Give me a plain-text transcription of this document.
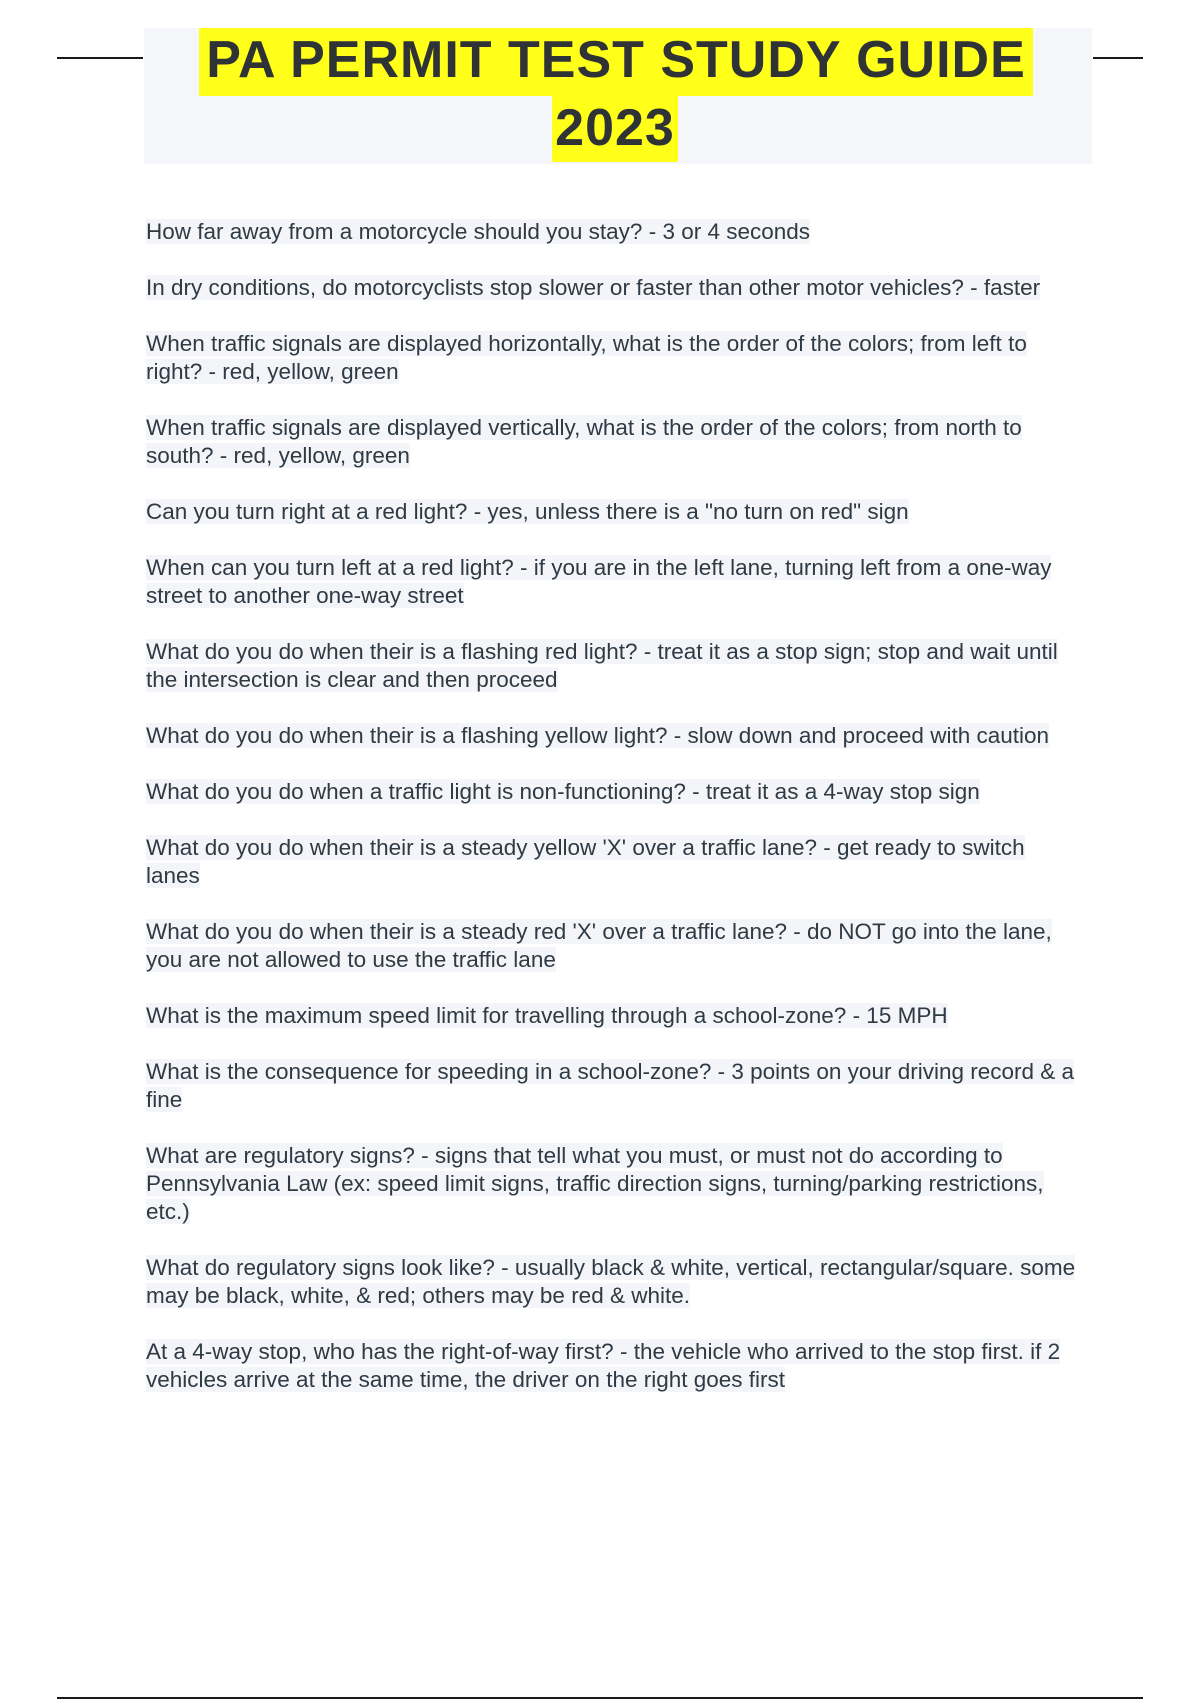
PA PERMIT TEST STUDY GUIDE
2023
How far away from a motorcycle should you stay? - 3 or 4 seconds
In dry conditions, do motorcyclists stop slower or faster than other motor vehicles? - faster
When traffic signals are displayed horizontally, what is the order of the colors; from left to right? - red, yellow, green
When traffic signals are displayed vertically, what is the order of the colors; from north to south? - red, yellow, green
Can you turn right at a red light? - yes, unless there is a "no turn on red" sign
When can you turn left at a red light? - if you are in the left lane, turning left from a one-way street to another one-way street
What do you do when their is a flashing red light? - treat it as a stop sign; stop and wait until the intersection is clear and then proceed
What do you do when their is a flashing yellow light? - slow down and proceed with caution
What do you do when a traffic light is non-functioning? - treat it as a 4-way stop sign
What do you do when their is a steady yellow 'X' over a traffic lane? - get ready to switch lanes
What do you do when their is a steady red 'X' over a traffic lane? - do NOT go into the lane, you are not allowed to use the traffic lane
What is the maximum speed limit for travelling through a school-zone? - 15 MPH
What is the consequence for speeding in a school-zone? - 3 points on your driving record & a fine
What are regulatory signs? - signs that tell what you must, or must not do according to Pennsylvania Law (ex: speed limit signs, traffic direction signs, turning/parking restrictions, etc.)
What do regulatory signs look like? - usually black & white, vertical, rectangular/square. some may be black, white, & red; others may be red & white.
At a 4-way stop, who has the right-of-way first? - the vehicle who arrived to the stop first. if 2 vehicles arrive at the same time, the driver on the right goes first
